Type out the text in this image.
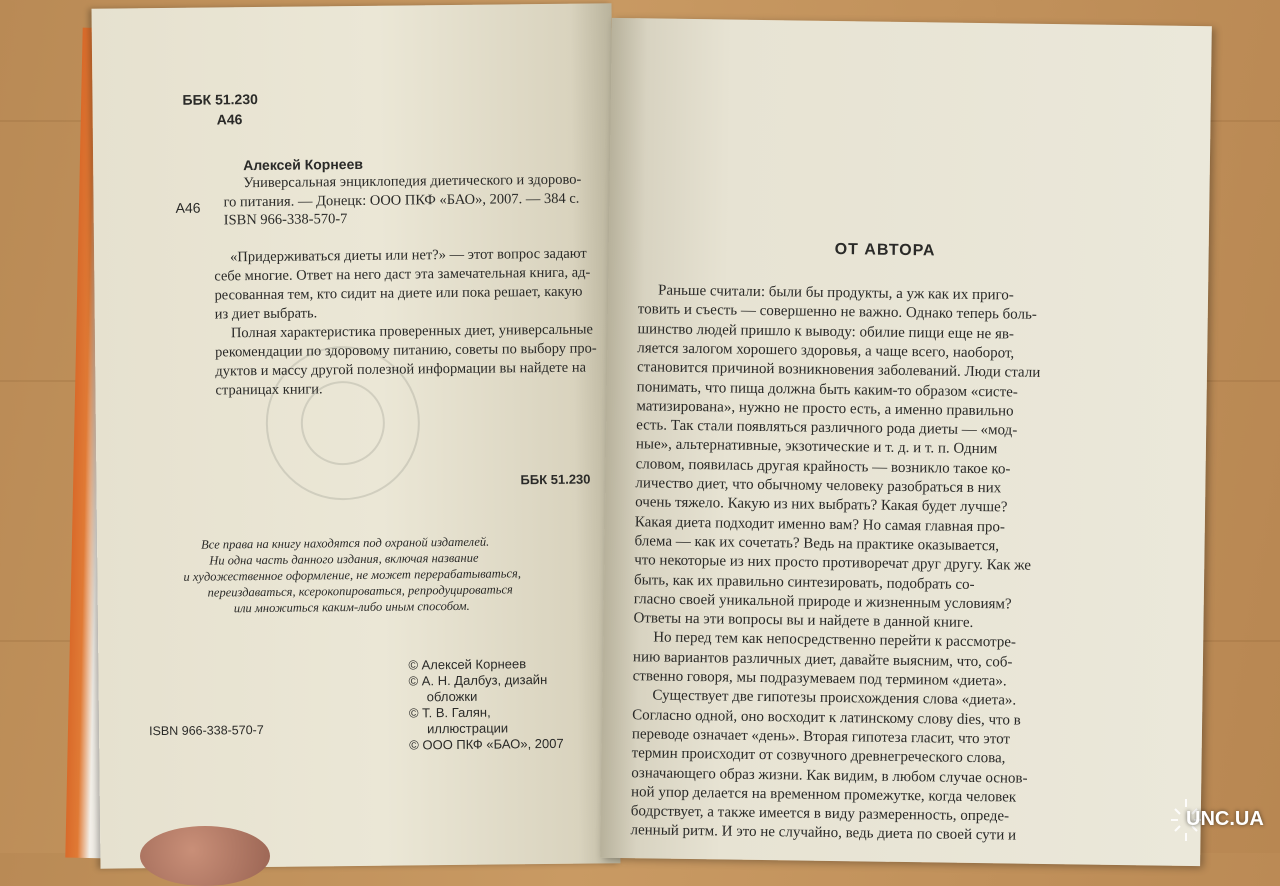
ББК 51.230
А46
Алексей Корнеев
Универсальная энциклопедия диетического и здорово-
го питания. — Донецк: ООО ПКФ «БАО», 2007. — 384 с.
ISBN 966-338-570-7
А46
«Придерживаться диеты или нет?» — этот вопрос задают
себе многие. Ответ на него даст эта замечательная книга, ад-
ресованная тем, кто сидит на диете или пока решает, какую
из диет выбрать.
Полная характеристика проверенных диет, универсальные
рекомендации по здоровому питанию, советы по выбору про-
дуктов и массу другой полезной информации вы найдете на
страницах книги.
ББК 51.230
Все права на книгу находятся под охраной издателей.
Ни одна часть данного издания, включая название
и художественное оформление, не может перерабатываться,
переиздаваться, ксерокопироваться, репродуцироваться
или множиться каким-либо иным способом.
ISBN 966-338-570-7
© Алексей Корнеев
© А. Н. Далбуз, дизайн
обложки
© Т. В. Галян,
иллюстрации
© ООО ПКФ «БАО», 2007
ОТ АВТОРА
Раньше считали: были бы продукты, а уж как их приго-
товить и съесть — совершенно не важно. Однако теперь боль-
шинство людей пришло к выводу: обилие пищи еще не яв-
ляется залогом хорошего здоровья, а чаще всего, наоборот,
становится причиной возникновения заболеваний. Люди стали
понимать, что пища должна быть каким-то образом «систе-
матизирована», нужно не просто есть, а именно правильно
есть. Так стали появляться различного рода диеты — «мод-
ные», альтернативные, экзотические и т. д. и т. п. Одним
словом, появилась другая крайность — возникло такое ко-
личество диет, что обычному человеку разобраться в них
очень тяжело. Какую из них выбрать? Какая будет лучше?
Какая диета подходит именно вам? Но самая главная про-
блема — как их сочетать? Ведь на практике оказывается,
что некоторые из них просто противоречат друг другу. Как же
быть, как их правильно синтезировать, подобрать со-
гласно своей уникальной природе и жизненным условиям?
Ответы на эти вопросы вы и найдете в данной книге.
Но перед тем как непосредственно перейти к рассмотре-
нию вариантов различных диет, давайте выясним, что, соб-
ственно говоря, мы подразумеваем под термином «диета».
Существует две гипотезы происхождения слова «диета».
Согласно одной, оно восходит к латинскому слову dies, что в
переводе означает «день». Вторая гипотеза гласит, что этот
термин происходит от созвучного древнегреческого слова,
означающего образ жизни. Как видим, в любом случае основ-
ной упор делается на временном промежутке, когда человек
бодрствует, а также имеется в виду размеренность, опреде-
ленный ритм. И это не случайно, ведь диета по своей сути и
UNC.UA
